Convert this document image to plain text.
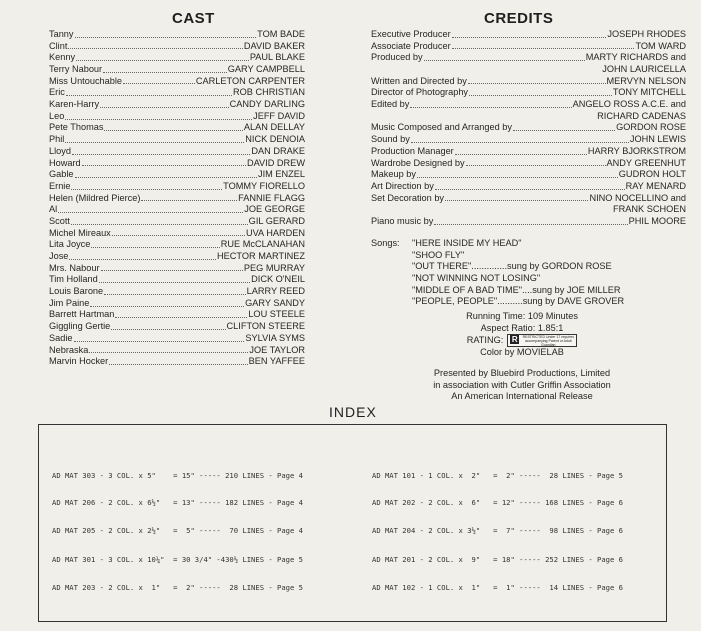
CAST	CREDITS
Tanny	TOM BADE
Clint	DAVID BAKER
Kenny	PAUL BLAKE
Terry Nabour	GARY CAMPBELL
Miss Untouchable	CARLETON CARPENTER
Eric	ROB CHRISTIAN
Karen-Harry	CANDY DARLING
Leo	JEFF DAVID
Pete Thomas	ALAN DELLAY
Phil	NICK DENOIA
Lloyd	DAN DRAKE
Howard	DAVID DREW
Gable	JIM ENZEL
Ernie	TOMMY FIORELLO
Helen (Mildred Pierce)	FANNIE FLAGG
Al	JOE GEORGE
Scott	GIL GERARD
Michel Mireaux	UVA HARDEN
Lita Joyce	RUE McCLANAHAN
Jose	HECTOR MARTINEZ
Mrs. Nabour	PEG MURRAY
Tim Holland	DICK O'NEIL
Louis Barone	LARRY REED
Jim Paine	GARY SANDY
Barrett Hartman	LOU STEELE
Giggling Gertie	CLIFTON STEERE
Sadie	SYLVIA SYMS
Nebraska	JOE TAYLOR
Marvin Hocker	BEN YAFFEE
Executive Producer	JOSEPH RHODES
Associate Producer	TOM WARD
Produced by	MARTY RICHARDS and
JOHN LAURICELLA
Written and Directed by	MERVYN NELSON
Director of Photography	TONY MITCHELL
Edited by	ANGELO ROSS A.C.E. and
RICHARD CADENAS
Music Composed and Arranged by	GORDON ROSE
Sound by	JOHN LEWIS
Production Manager	HARRY BJORKSTROM
Wardrobe Designed by	ANDY GREENHUT
Makeup by	GUDRON HOLT
Art Direction by	RAY MENARD
Set Decoration by	NINO NOCELLINO and
FRANK SCHOEN
Piano music by	PHIL MOORE
Songs:	"HERE INSIDE MY HEAD"
"SHOO FLY"
"OUT THERE"..............sung by GORDON ROSE
"NOT WINNING NOT LOSING"
"MIDDLE OF A BAD TIME"....sung by JOE MILLER
"PEOPLE, PEOPLE"..........sung by DAVE GROVER
Running Time: 109 Minutes
Aspect Ratio: 1.85:1
RATING: R	RESTRICTED Under 17 requires accompanying Parent or Adult Guardian
Color by MOVIELAB
Presented by Bluebird Productions, Limited
in association with Cutler Griffin Association
An American International Release
INDEX
AD MAT 303 - 3 COL. x 5"    = 15" ----- 210 LINES - Page 4
AD MAT 206 - 2 COL. x 6½"   = 13" ----- 182 LINES - Page 4
AD MAT 205 - 2 COL. x 2½"   =  5" -----  70 LINES - Page 4
AD MAT 301 - 3 COL. x 10¼"  = 30 3/4" -430½ LINES - Page 5
AD MAT 203 - 2 COL. x  1"   =  2" -----  28 LINES - Page 5
AD MAT 101 - 1 COL. x  2"   =  2" -----  28 LINES - Page 5
AD MAT 202 - 2 COL. x  6"   = 12" ----- 168 LINES - Page 6
AD MAT 204 - 2 COL. x 3½"   =  7" -----  98 LINES - Page 6
AD MAT 201 - 2 COL. x  9"   = 18" ----- 252 LINES - Page 6
AD MAT 102 - 1 COL. x  1"   =  1" -----  14 LINES - Page 6
